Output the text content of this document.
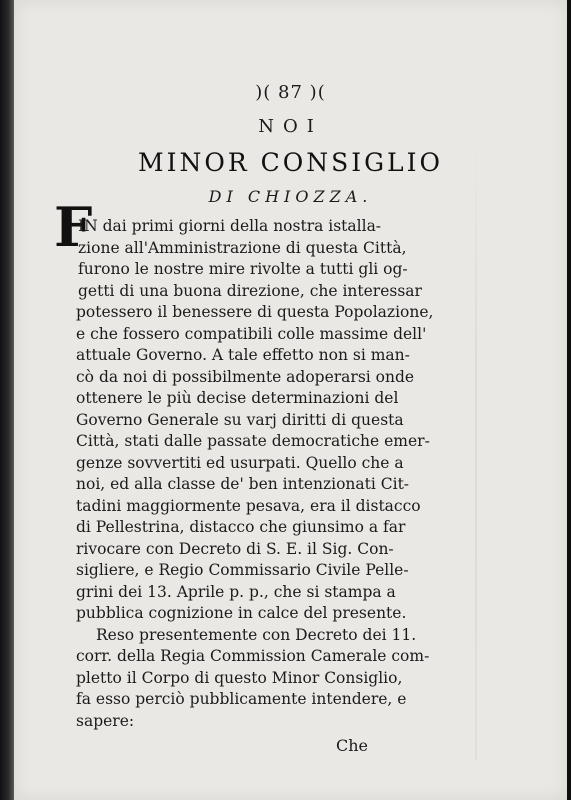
)( 87 )(
NOI
MINOR CONSIGLIO
DI CHIOZZA.
F
IN dai primi giorni della nostra istalla-
zione all'Amministrazione di questa Città,
furono le nostre mire rivolte a tutti gli og-
getti di una buona direzione, che interessar
potessero il benessere di questa Popolazione,
e che fossero compatibili colle massime dell'
attuale Governo. A tale effetto non si man-
cò da noi di possibilmente adoperarsi onde
ottenere le più decise determinazioni del
Governo Generale su varj diritti di questa
Città, stati dalle passate democratiche emer-
genze sovvertiti ed usurpati. Quello che a
noi, ed alla classe de' ben intenzionati Cit-
tadini maggiormente pesava, era il distacco
di Pellestrina, distacco che giunsimo a far
rivocare con Decreto di S. E. il Sig. Con-
sigliere, e Regio Commissario Civile Pelle-
grini dei 13. Aprile p. p., che si stampa a
pubblica cognizione in calce del presente.
Reso presentemente con Decreto dei 11.
corr. della Regia Commission Camerale com-
pletto il Corpo di questo Minor Consiglio,
fa esso perciò pubblicamente intendere, e
sapere:
Che
